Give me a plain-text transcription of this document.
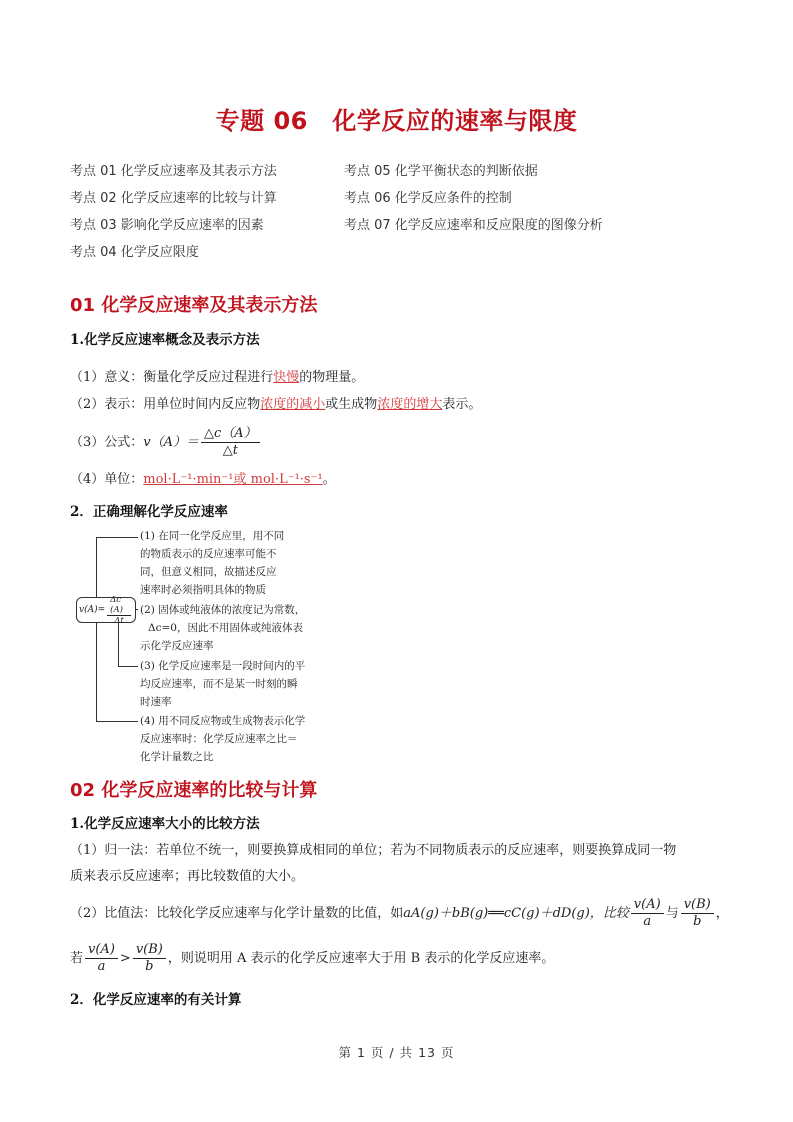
专题 06　化学反应的速率与限度
考点 01 化学反应速率及其表示方法
考点 02 化学反应速率的比较与计算
考点 03 影响化学反应速率的因素
考点 04 化学反应限度
考点 05 化学平衡状态的判断依据
考点 06 化学反应条件的控制
考点 07 化学反应速率和反应限度的图像分析
01 化学反应速率及其表示方法
1.化学反应速率概念及表示方法
（1）意义：衡量化学反应过程进行快慢的物理量。
（2）表示：用单位时间内反应物浓度的减小或生成物浓度的增大表示。
（3）公式： $v(A)= \frac{\triangle c(A)}{\triangle t}$
（4）单位：mol·L⁻¹·min⁻¹或 mol·L⁻¹·s⁻¹。
2．正确理解化学反应速率
$v(A)= \frac{\Delta c (A)}{\Delta t}$
(1) 在同一化学反应里，用不同
的物质表示的反应速率可能不
同，但意义相同，故描述反应
速率时必须指明具体的物质
(2) 固体或纯液体的浓度记为常数，
Δc=0，因此不用固体或纯液体表
示化学反应速率
(3) 化学反应速率是一段时间内的平
均反应速率，而不是某一时刻的瞬
时速率
(4) 用不同反应物或生成物表示化学
反应速率时：化学反应速率之比＝
化学计量数之比
02 化学反应速率的比较与计算
1.化学反应速率大小的比较方法
（1）归一法：若单位不统一，则要换算成相同的单位；若为不同物质表示的反应速率，则要换算成同一物
质来表示反应速率；再比较数值的大小。
（2）比值法：比较化学反应速率与化学计量数的比值，如 aA(g)＋bB(g)══cC(g)＋dD(g)，比较 $\frac{v(A)}{a}$ 与 $\frac{v(B)}{b}$ ，
若 $\frac{v(A)}{a} > \frac{v(B)}{b}$ ，则说明用 A 表示的化学反应速率大于用 B 表示的化学反应速率。
2．化学反应速率的有关计算
第 1 页 / 共 13 页
